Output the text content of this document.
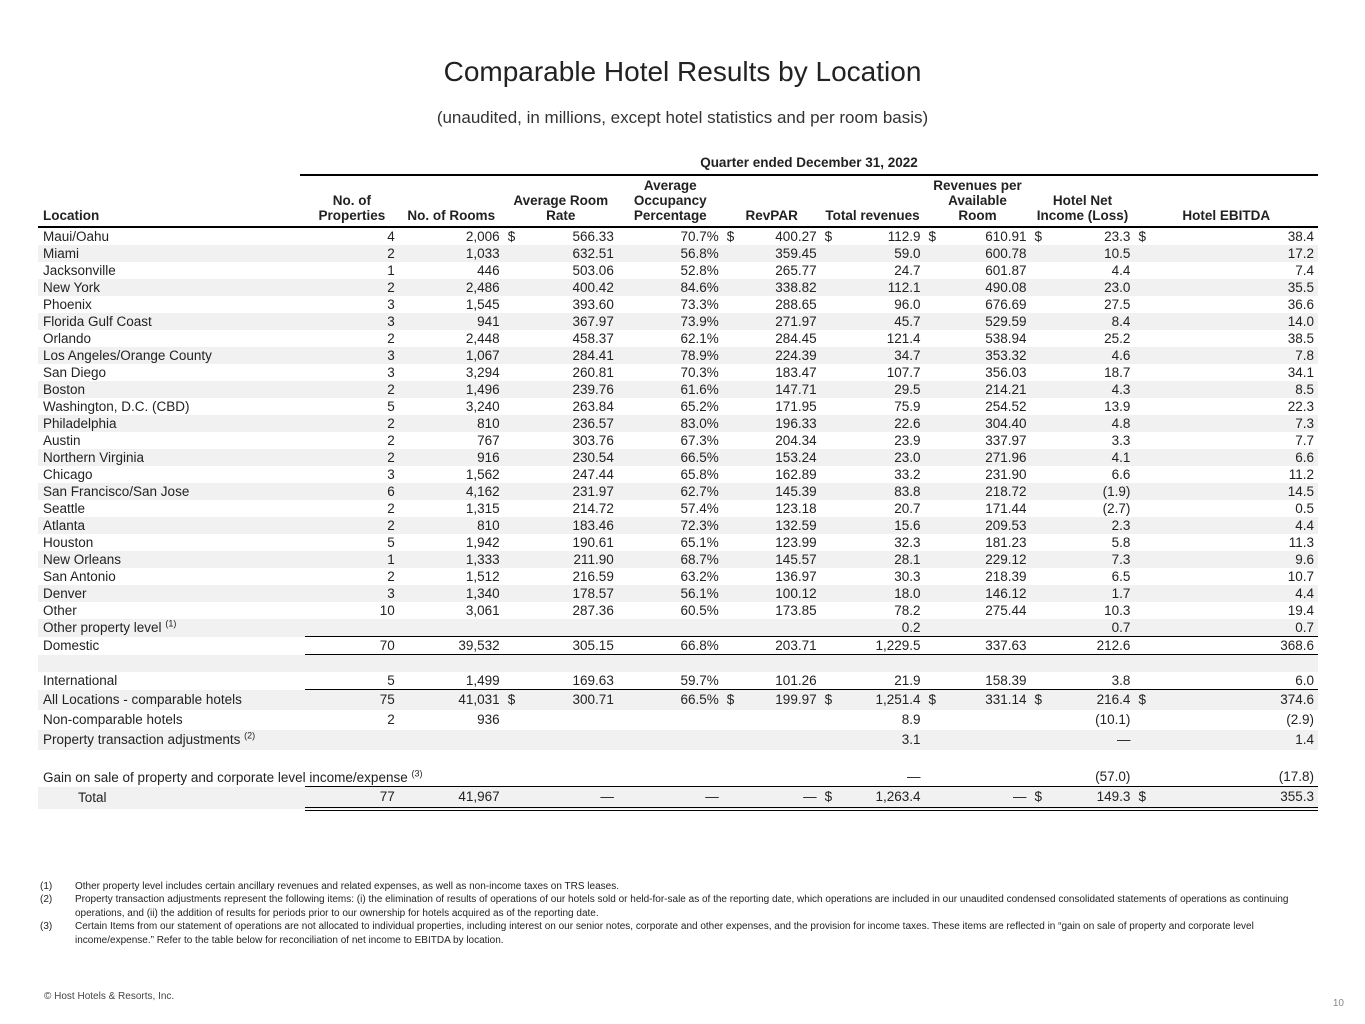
Comparable Hotel Results by Location
(unaudited, in millions, except hotel statistics and per room basis)
Quarter ended December 31, 2022
Location	No. of Properties	No. of Rooms	Average Room Rate		Average Occupancy Percentage	RevPAR		Total revenues		Revenues per Available Room		Hotel Net Income (Loss)		Hotel EBITDA	
Maui/Oahu	4	2,006	$	566.33	70.7%	$	400.27	$	112.9	$	610.91	$	23.3	$	38.4
Miami	2	1,033		632.51	56.8%		359.45		59.0		600.78		10.5		17.2
Jacksonville	1	446		503.06	52.8%		265.77		24.7		601.87		4.4		7.4
New York	2	2,486		400.42	84.6%		338.82		112.1		490.08		23.0		35.5
Phoenix	3	1,545		393.60	73.3%		288.65		96.0		676.69		27.5		36.6
Florida Gulf Coast	3	941		367.97	73.9%		271.97		45.7		529.59		8.4		14.0
Orlando	2	2,448		458.37	62.1%		284.45		121.4		538.94		25.2		38.5
Los Angeles/Orange County	3	1,067		284.41	78.9%		224.39		34.7		353.32		4.6		7.8
San Diego	3	3,294		260.81	70.3%		183.47		107.7		356.03		18.7		34.1
Boston	2	1,496		239.76	61.6%		147.71		29.5		214.21		4.3		8.5
Washington, D.C. (CBD)	5	3,240		263.84	65.2%		171.95		75.9		254.52		13.9		22.3
Philadelphia	2	810		236.57	83.0%		196.33		22.6		304.40		4.8		7.3
Austin	2	767		303.76	67.3%		204.34		23.9		337.97		3.3		7.7
Northern Virginia	2	916		230.54	66.5%		153.24		23.0		271.96		4.1		6.6
Chicago	3	1,562		247.44	65.8%		162.89		33.2		231.90		6.6		11.2
San Francisco/San Jose	6	4,162		231.97	62.7%		145.39		83.8		218.72		(1.9)		14.5
Seattle	2	1,315		214.72	57.4%		123.18		20.7		171.44		(2.7)		0.5
Atlanta	2	810		183.46	72.3%		132.59		15.6		209.53		2.3		4.4
Houston	5	1,942		190.61	65.1%		123.99		32.3		181.23		5.8		11.3
New Orleans	1	1,333		211.90	68.7%		145.57		28.1		229.12		7.3		9.6
San Antonio	2	1,512		216.59	63.2%		136.97		30.3		218.39		6.5		10.7
Denver	3	1,340		178.57	56.1%		100.12		18.0		146.12		1.7		4.4
Other	10	3,061		287.36	60.5%		173.85		78.2		275.44		10.3		19.4
Other property level $^{(1)}$									0.2				0.7		0.7
Domestic	70	39,532		305.15	66.8%		203.71		1,229.5		337.63		212.6		368.6

International	5	1,499		169.63	59.7%		101.26		21.9		158.39		3.8		6.0
All Locations - comparable hotels	75	41,031	$	300.71	66.5%	$	199.97	$	1,251.4	$	331.14	$	216.4	$	374.6
Non-comparable hotels	2	936							8.9				(10.1)		(2.9)
Property transaction adjustments $^{(2)}$									3.1				—		1.4
Gain on sale of property and corporate level income/expense $^{(3)}$									—				(57.0)		(17.8)
Total	77	41,967		—	—		—	$	1,263.4		—	$	149.3	$	355.3
(1)	Other property level includes certain ancillary revenues and related expenses, as well as non-income taxes on TRS leases.
(2)	Property transaction adjustments represent the following items: (i) the elimination of results of operations of our hotels sold or held-for-sale as of the reporting date, which operations are included in our unaudited condensed consolidated statements of operations as continuing operations, and (ii) the addition of results for periods prior to our ownership for hotels acquired as of the reporting date.
(3)	Certain Items from our statement of operations are not allocated to individual properties, including interest on our senior notes, corporate and other expenses, and the provision for income taxes. These items are reflected in “gain on sale of property and corporate level income/expense.” Refer to the table below for reconciliation of net income to EBITDA by location.
© Host Hotels & Resorts, Inc.
10
